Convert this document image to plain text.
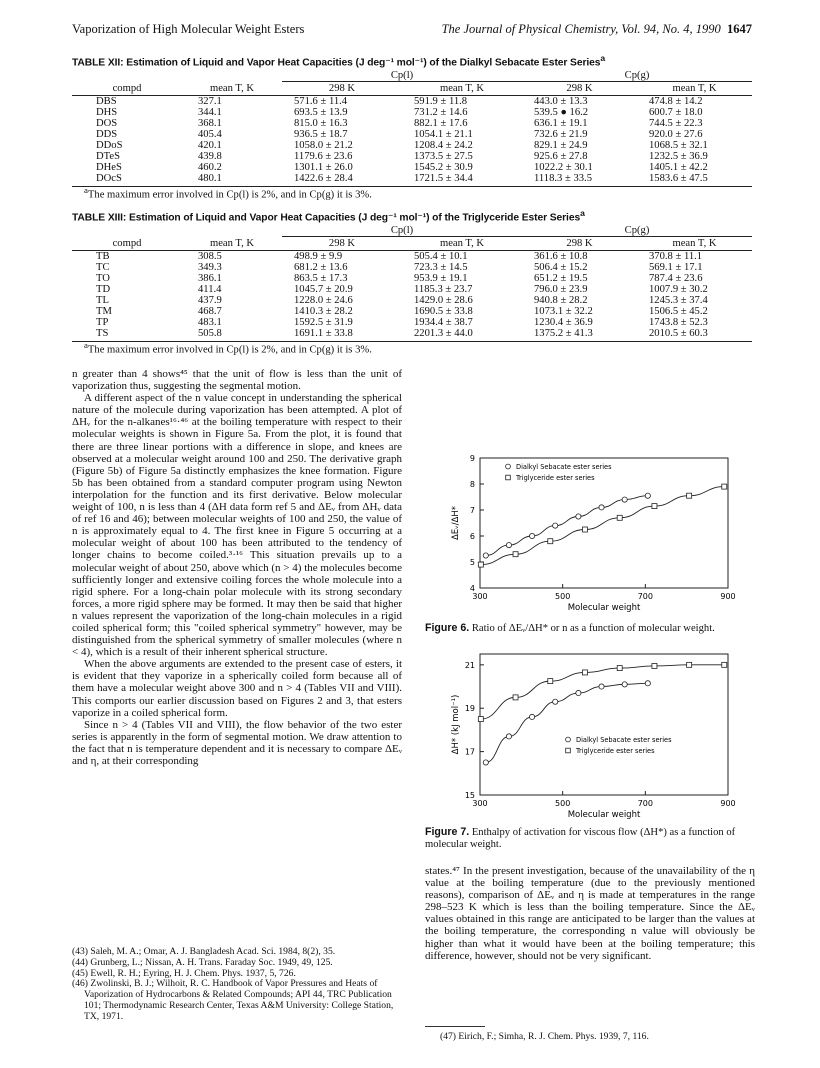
Vaporization of High Molecular Weight Esters	The Journal of Physical Chemistry, Vol. 94, No. 4, 1990 1647
TABLE XII: Estimation of Liquid and Vapor Heat Capacities (J deg⁻¹ mol⁻¹) of the Dialkyl Sebacate Ester Series$^a$
		Cp(l)		Cp(g)	
compd	mean T, K	298 K	mean T, K	298 K	mean T, K
DBS	327.1	571.6 ± 11.4	591.9 ± 11.8	443.0 ± 13.3	474.8 ± 14.2
DHS	344.1	693.5 ± 13.9	731.2 ± 14.6	539.5 ● 16.2	600.7 ± 18.0
DOS	368.1	815.0 ± 16.3	882.1 ± 17.6	636.1 ± 19.1	744.5 ± 22.3
DDS	405.4	936.5 ± 18.7	1054.1 ± 21.1	732.6 ± 21.9	920.0 ± 27.6
DDoS	420.1	1058.0 ± 21.2	1208.4 ± 24.2	829.1 ± 24.9	1068.5 ± 32.1
DTeS	439.8	1179.6 ± 23.6	1373.5 ± 27.5	925.6 ± 27.8	1232.5 ± 36.9
DHeS	460.2	1301.1 ± 26.0	1545.2 ± 30.9	1022.2 ± 30.1	1405.1 ± 42.2
DOcS	480.1	1422.6 ± 28.4	1721.5 ± 34.4	1118.3 ± 33.5	1583.6 ± 47.5
$^a$The maximum error involved in Cp(l) is 2%, and in Cp(g) it is 3%.
TABLE XIII: Estimation of Liquid and Vapor Heat Capacities (J deg⁻¹ mol⁻¹) of the Triglyceride Ester Series$^a$
		Cp(l)		Cp(g)	
compd	mean T, K	298 K	mean T, K	298 K	mean T, K
TB	308.5	498.9 ± 9.9	505.4 ± 10.1	361.6 ± 10.8	370.8 ± 11.1
TC	349.3	681.2 ± 13.6	723.3 ± 14.5	506.4 ± 15.2	569.1 ± 17.1
TO	386.1	863.5 ± 17.3	953.9 ± 19.1	651.2 ± 19.5	787.4 ± 23.6
TD	411.4	1045.7 ± 20.9	1185.3 ± 23.7	796.0 ± 23.9	1007.9 ± 30.2
TL	437.9	1228.0 ± 24.6	1429.0 ± 28.6	940.8 ± 28.2	1245.3 ± 37.4
TM	468.7	1410.3 ± 28.2	1690.5 ± 33.8	1073.1 ± 32.2	1506.5 ± 45.2
TP	483.1	1592.5 ± 31.9	1934.4 ± 38.7	1230.4 ± 36.9	1743.8 ± 52.3
TS	505.8	1691.1 ± 33.8	2201.3 ± 44.0	1375.2 ± 41.3	2010.5 ± 60.3
$^a$The maximum error involved in Cp(l) is 2%, and in Cp(g) it is 3%.

n greater than 4 shows⁴⁵ that the unit of flow is less than the unit of vaporization thus, suggesting the segmental motion.

A different aspect of the n value concept in understanding the spherical nature of the molecule during vaporization has been attempted. A plot of ΔHᵥ for the n-alkanes¹⁶·⁴⁶ at the boiling temperature with respect to their molecular weights is shown in Figure 5a. From the plot, it is found that there are three linear portions with a difference in slope, and knees are observed at a molecular weight around 100 and 250. The derivative graph (Figure 5b) of Figure 5a distinctly emphasizes the knee formation. Figure 5b has been obtained from a standard computer program using Newton interpolation for the function and its first derivative. Below molecular weight of 100, n is less than 4 (ΔH data form ref 5 and ΔEᵥ from ΔHᵥ data of ref 16 and 46); between molecular weights of 100 and 250, the value of n is approximately equal to 4. The first knee in Figure 5 occurring at a molecular weight of about 100 has been attributed to the tendency of longer chains to become coiled.³·¹⁶ This situation prevails up to a molecular weight of about 250, above which (n > 4) the molecules become sufficiently longer and extensive coiling forces the whole molecule into a rigid sphere. For a long-chain polar molecule with its strong secondary forces, a more rigid sphere may be formed. It may then be said that higher n values represent the vaporization of the long-chain molecules in a rigid coiled spherical form; this "coiled spherical symmetry" however, may be distinguished from the spherical symmetry of smaller molecules (where n < 4), which is a result of their inherent spherical structure.

When the above arguments are extended to the present case of esters, it is evident that they vaporize in a spherically coiled form because all of them have a molecular weight above 300 and n > 4 (Tables VII and VIII). This comports our earlier discussion based on Figures 2 and 3, that esters vaporize in a coiled spherical form.

Since n > 4 (Tables VII and VIII), the flow behavior of the two ester series is apparently in the form of segmental motion. We draw attention to the fact that n is temperature dependent and it is necessary to compare ΔEᵥ and η, at their corresponding

(43) Saleh, M. A.; Omar, A. J. Bangladesh Acad. Sci. 1984, 8(2), 35.
(44) Grunberg, L.; Nissan, A. H. Trans. Faraday Soc. 1949, 49, 125.
(45) Ewell, R. H.; Eyring, H. J. Chem. Phys. 1937, 5, 726.
(46) Zwolinski, B. J.; Wilhoit, R. C. Handbook of Vapor Pressures and Heats of Vaporization of Hydrocarbons & Related Compounds; API 44, TRC Publication 101; Thermodynamic Research Center, Texas A&M University: College Station, TX, 1971.
300	500	700	900
4
5
6
7
8
9
Molecular weight
ΔEᵥ/ΔH*
Dialkyl Sebacate ester series
Triglyceride ester series
Figure 6. Ratio of ΔEᵥ/ΔH* or n as a function of molecular weight.
300	500	700	900
15
17
19
21
Molecular weight
ΔH* (kJ mol⁻¹)	Dialkyl Sebacate ester series
Triglyceride ester series
Figure 7. Enthalpy of activation for viscous flow (ΔH*) as a function of molecular weight.

states.⁴⁷ In the present investigation, because of the unavailability of the η value at the boiling temperature (due to the previously mentioned reasons), comparison of ΔEᵥ and η is made at temperatures in the range 298–523 K which is less than the boiling temperature. Since the ΔEᵥ values obtained in this range are anticipated to be larger than the values at the boiling temperature, the corresponding n value will obviously be higher than what it would have been at the boiling temperature; this difference, however, should not be very significant.

(47) Eirich, F.; Simha, R. J. Chem. Phys. 1939, 7, 116.
